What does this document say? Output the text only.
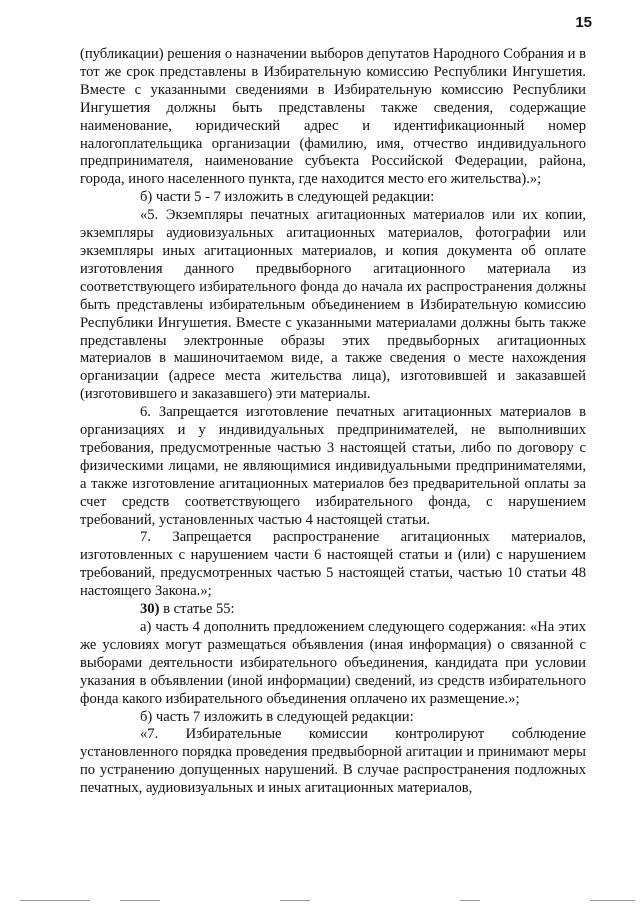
15

(публикации) решения о назначении выборов депутатов Народного Собрания и в тот же срок представлены в Избирательную комиссию Республики Ингушетия. Вместе с указанными сведениями в Избирательную комиссию Республики Ингушетия должны быть представлены также сведения, содержащие наименование, юридический адрес и идентификационный номер налогоплательщика организации (фамилию, имя, отчество индивидуального предпринимателя, наименование субъекта Российской Федерации, района, города, иного населенного пункта, где находится место его жительства).»;

б) части 5 - 7 изложить в следующей редакции:

«5. Экземпляры печатных агитационных материалов или их копии, экземпляры аудиовизуальных агитационных материалов, фотографии или экземпляры иных агитационных материалов, и копия документа об оплате изготовления данного предвыборного агитационного материала из соответствующего избирательного фонда до начала их распространения должны быть представлены избирательным объединением в Избирательную комиссию Республики Ингушетия. Вместе с указанными материалами должны быть также представлены электронные образы этих предвыборных агитационных материалов в машиночитаемом виде, а также сведения о месте нахождения организации (адресе места жительства лица), изготовившей и заказавшей (изготовившего и заказавшего) эти материалы.

6. Запрещается изготовление печатных агитационных материалов в организациях и у индивидуальных предпринимателей, не выполнивших требования, предусмотренные частью 3 настоящей статьи, либо по договору с физическими лицами, не являющимися индивидуальными предпринимателями, а также изготовление агитационных материалов без предварительной оплаты за счет средств соответствующего избирательного фонда, с нарушением требований, установленных частью 4 настоящей статьи.

7. Запрещается распространение агитационных материалов, изготовленных с нарушением части 6 настоящей статьи и (или) с нарушением требований, предусмотренных частью 5 настоящей статьи, частью 10 статьи 48 настоящего Закона.»;

30) в статье 55:

а) часть 4 дополнить предложением следующего содержания: «На этих же условиях могут размещаться объявления (иная информация) о связанной с выборами деятельности избирательного объединения, кандидата при условии указания в объявлении (иной информации) сведений, из средств избирательного фонда какого избирательного объединения оплачено их размещение.»;

б) часть 7 изложить в следующей редакции:

«7. Избирательные комиссии контролируют соблюдение установленного порядка проведения предвыборной агитации и принимают меры по устранению допущенных нарушений. В случае распространения подложных печатных, аудиовизуальных и иных агитационных материалов,
